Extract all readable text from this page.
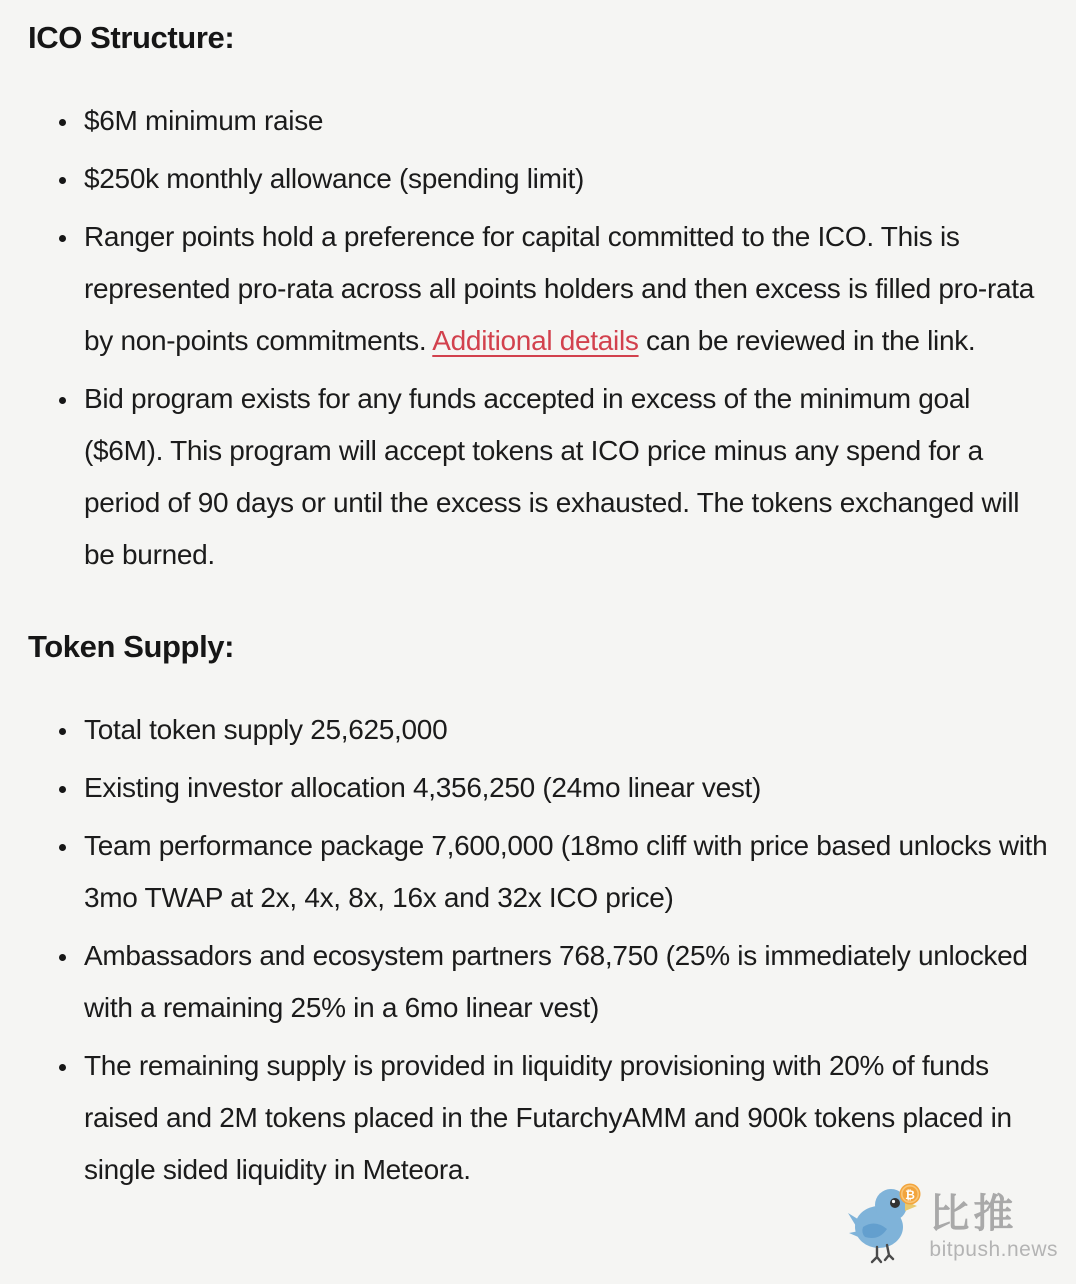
ICO Structure:
• $6M minimum raise
• $250k monthly allowance (spending limit)
• Ranger points hold a preference for capital committed to the ICO. This is represented pro-rata across all points holders and then excess is filled pro-rata by non-points commitments. Additional details can be reviewed in the link.
• Bid program exists for any funds accepted in excess of the minimum goal ($6M). This program will accept tokens at ICO price minus any spend for a period of 90 days or until the excess is exhausted. The tokens exchanged will be burned.
Token Supply:
• Total token supply 25,625,000
• Existing investor allocation 4,356,250 (24mo linear vest)
• Team performance package 7,600,000 (18mo cliff with price based unlocks with 3mo TWAP at 2x, 4x, 8x, 16x and 32x ICO price)
• Ambassadors and ecosystem partners 768,750 (25% is immediately unlocked with a remaining 25% in a 6mo linear vest)
• The remaining supply is provided in liquidity provisioning with 20% of funds raised and 2M tokens placed in the FutarchyAMM and 900k tokens placed in single sided liquidity in Meteora.
₿ 比推
bitpush.news
